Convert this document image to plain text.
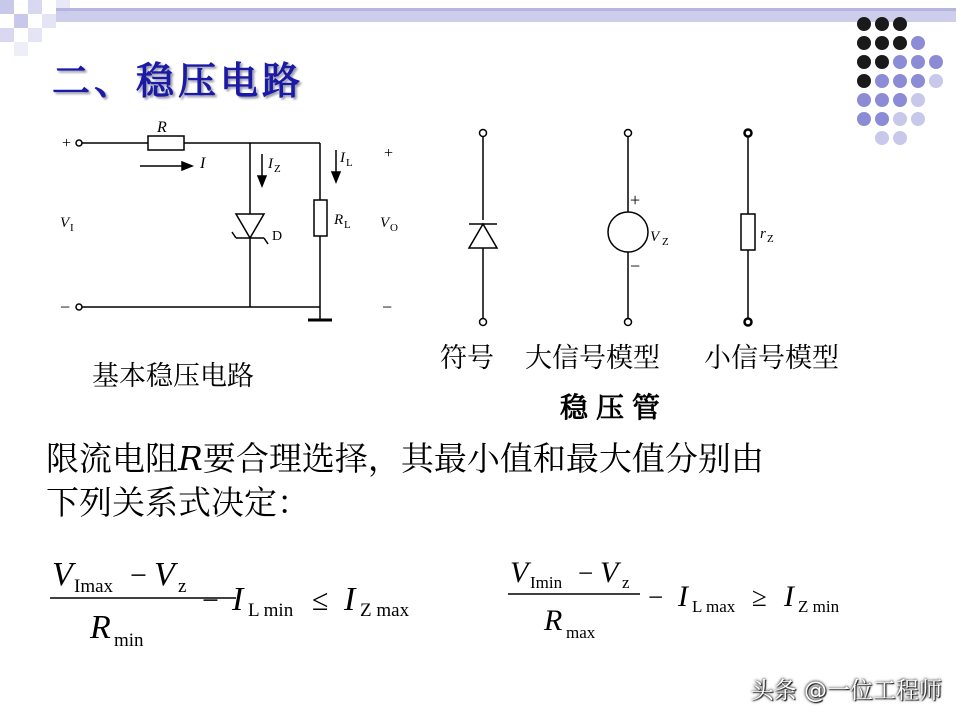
二、稳压电路
+
−
R
I	I Z
I L
D
R L
V I	V O
+
−
基本稳压电路
+
−
V Z	r Z
符号 大信号模型 小信号模型
稳压管
限流电阻R要合理选择，其最小值和最大值分别由
下列关系式决定：
V Imax − V z
R min
− I L min ≤ I Z max
V Imin − V z
R max
− I L max ≥ I Z min
头条 @一位工程师
